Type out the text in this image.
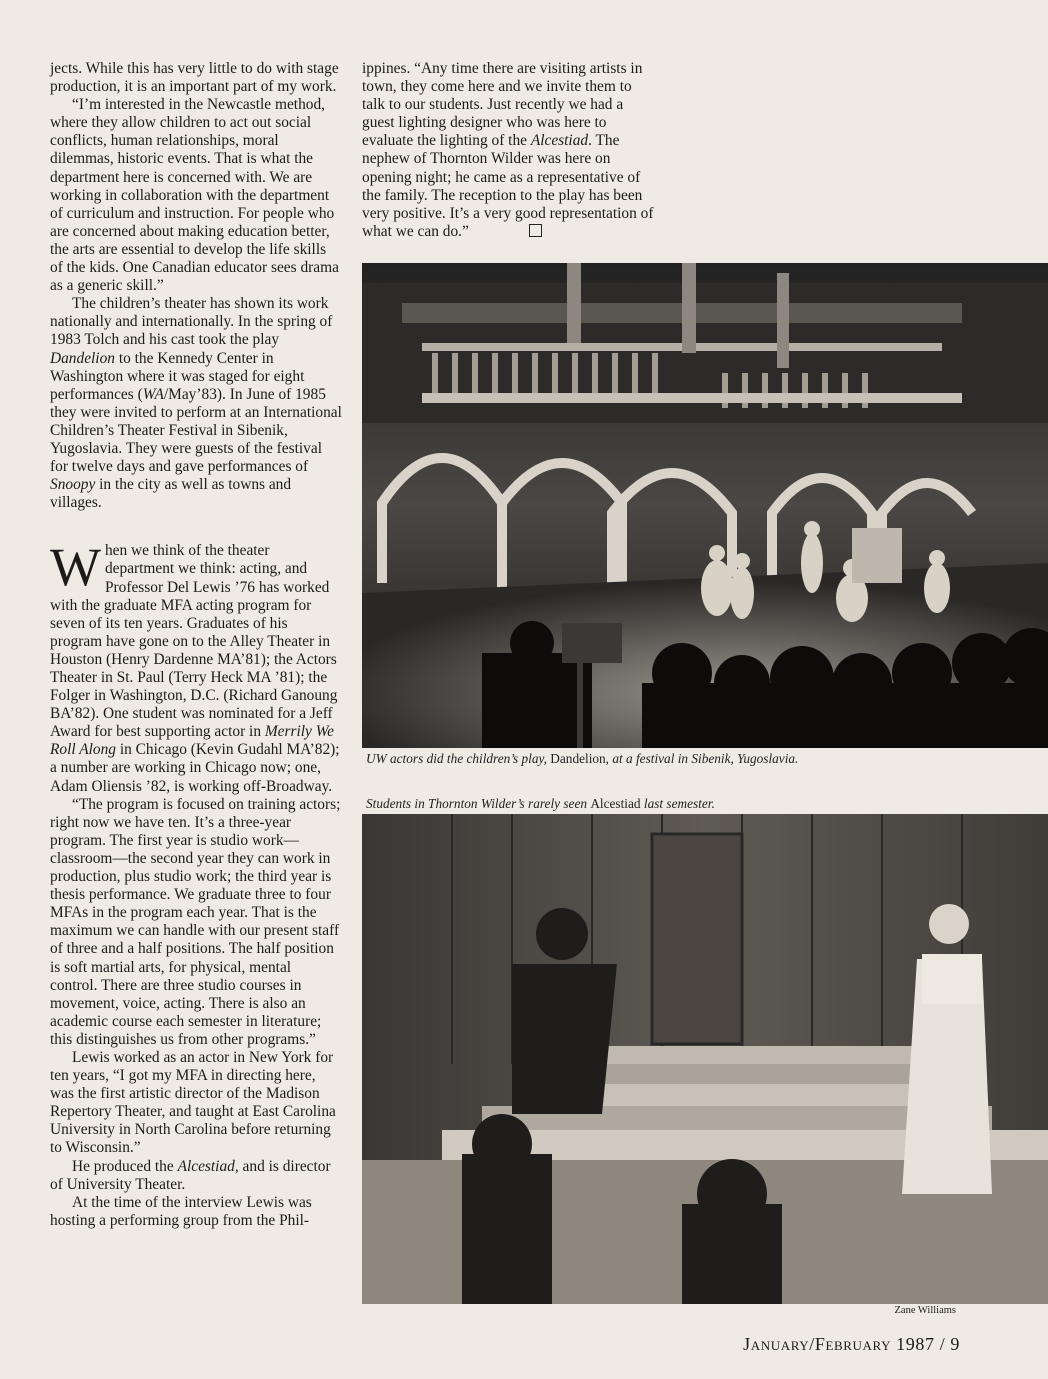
jects. While this has very little to do with stage production, it is an important part of my work.

“I’m interested in the Newcastle method, where they allow children to act out social conflicts, human relationships, moral dilemmas, historic events. That is what the department here is concerned with. We are working in collaboration with the department of curriculum and instruction. For people who are concerned about making education better, the arts are essential to develop the life skills of the kids. One Canadian educator sees drama as a generic skill.”

The children’s theater has shown its work nationally and internationally. In the spring of 1983 Tolch and his cast took the play Dandelion to the Kennedy Center in Washington where it was staged for eight performances (WA/May’83). In June of 1985 they were invited to perform at an International Children’s Theater Festival in Sibenik, Yugoslavia. They were guests of the festival for twelve days and gave performances of Snoopy in the city as well as towns and villages.

When we think of the theater department we think: acting, and Professor Del Lewis ’76 has worked with the graduate MFA acting program for seven of its ten years. Graduates of his program have gone on to the Alley Theater in Houston (Henry Dardenne MA’81); the Actors Theater in St. Paul (Terry Heck MA ’81); the Folger in Washington, D.C. (Richard Ganoung BA’82). One student was nominated for a Jeff Award for best supporting actor in Merrily We Roll Along in Chicago (Kevin Gudahl MA’82); a number are working in Chicago now; one, Adam Oliensis ’82, is working off-Broadway.

“The program is focused on training actors; right now we have ten. It’s a three-year program. The first year is studio work—classroom—the second year they can work in production, plus studio work; the third year is thesis performance. We graduate three to four MFAs in the program each year. That is the maximum we can handle with our present staff of three and a half positions. The half position is soft martial arts, for physical, mental control. There are three studio courses in movement, voice, acting. There is also an academic course each semester in literature; this distinguishes us from other programs.”

Lewis worked as an actor in New York for ten years, “I got my MFA in directing here, was the first artistic director of the Madison Repertory Theater, and taught at East Carolina University in North Carolina before returning to Wisconsin.”

He produced the Alcestiad, and is director of University Theater.

At the time of the interview Lewis was hosting a performing group from the Phil-

ippines. “Any time there are visiting artists in town, they come here and we invite them to talk to our students. Just recently we had a guest lighting designer who was here to evaluate the lighting of the Alcestiad. The nephew of Thornton Wilder was here on opening night; he came as a representative of the family. The reception to the play has been very positive. It’s a very good representation of what we can do.”

UW actors did the children’s play, Dandelion, at a festival in Sibenik, Yugoslavia.
Students in Thornton Wilder’s rarely seen Alcestiad last semester.
Zane Williams
January/February 1987 / 9
